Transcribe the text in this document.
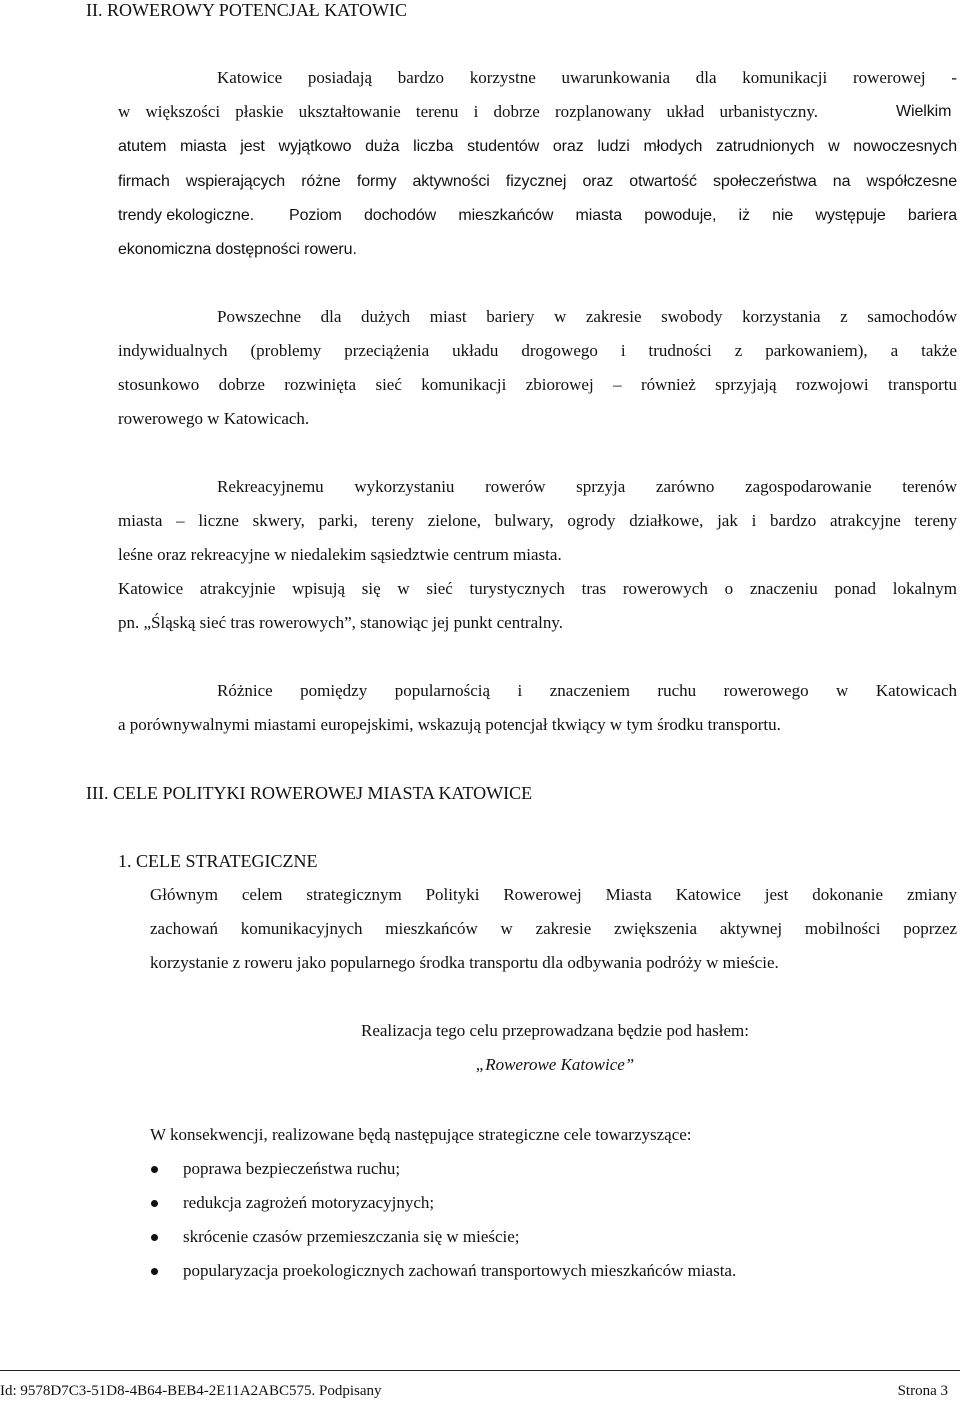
II. ROWEROWY POTENCJAŁ KATOWIC
Katowice posiadają bardzo korzystne uwarunkowania dla komunikacji rowerowej -
w większości płaskie ukształtowanie terenu i dobrze rozplanowany układ urbanistyczny.	Wielkim
atutem miasta jest wyjątkowo duża liczba studentów oraz ludzi młodych zatrudnionych w nowoczesnych
firmach wspierających różne formy aktywności fizycznej oraz otwartość społeczeństwa na współczesne
trendy ekologiczne. Poziom dochodów mieszkańców miasta powoduje, iż nie występuje bariera
ekonomiczna dostępności roweru.
Powszechne dla dużych miast bariery w zakresie swobody korzystania z samochodów
indywidualnych (problemy przeciążenia układu drogowego i trudności z parkowaniem), a także
stosunkowo dobrze rozwinięta sieć komunikacji zbiorowej – również sprzyjają rozwojowi transportu
rowerowego w Katowicach.
Rekreacyjnemu wykorzystaniu rowerów sprzyja zarówno zagospodarowanie terenów
miasta – liczne skwery, parki, tereny zielone, bulwary, ogrody działkowe, jak i bardzo atrakcyjne tereny
leśne oraz rekreacyjne w niedalekim sąsiedztwie centrum miasta.
Katowice atrakcyjnie wpisują się w sieć turystycznych tras rowerowych o znaczeniu ponad lokalnym
pn. „Śląską sieć tras rowerowych”, stanowiąc jej punkt centralny.
Różnice pomiędzy popularnością i znaczeniem ruchu rowerowego w Katowicach
a porównywalnymi miastami europejskimi, wskazują potencjał tkwiący w tym środku transportu.
III. CELE POLITYKI ROWEROWEJ MIASTA KATOWICE
1. CELE STRATEGICZNE
Głównym celem strategicznym Polityki Rowerowej Miasta Katowice jest dokonanie zmiany
zachowań komunikacyjnych mieszkańców w zakresie zwiększenia aktywnej mobilności poprzez
korzystanie z roweru jako popularnego środka transportu dla odbywania podróży w mieście.
Realizacja tego celu przeprowadzana będzie pod hasłem:
„Rowerowe Katowice”
W konsekwencji, realizowane będą następujące strategiczne cele towarzyszące:
poprawa bezpieczeństwa ruchu;
redukcja zagrożeń motoryzacyjnych;
skrócenie czasów przemieszczania się w mieście;
popularyzacja proekologicznych zachowań transportowych mieszkańców miasta.
Id: 9578D7C3-51D8-4B64-BEB4-2E11A2ABC575. Podpisany	Strona 3
